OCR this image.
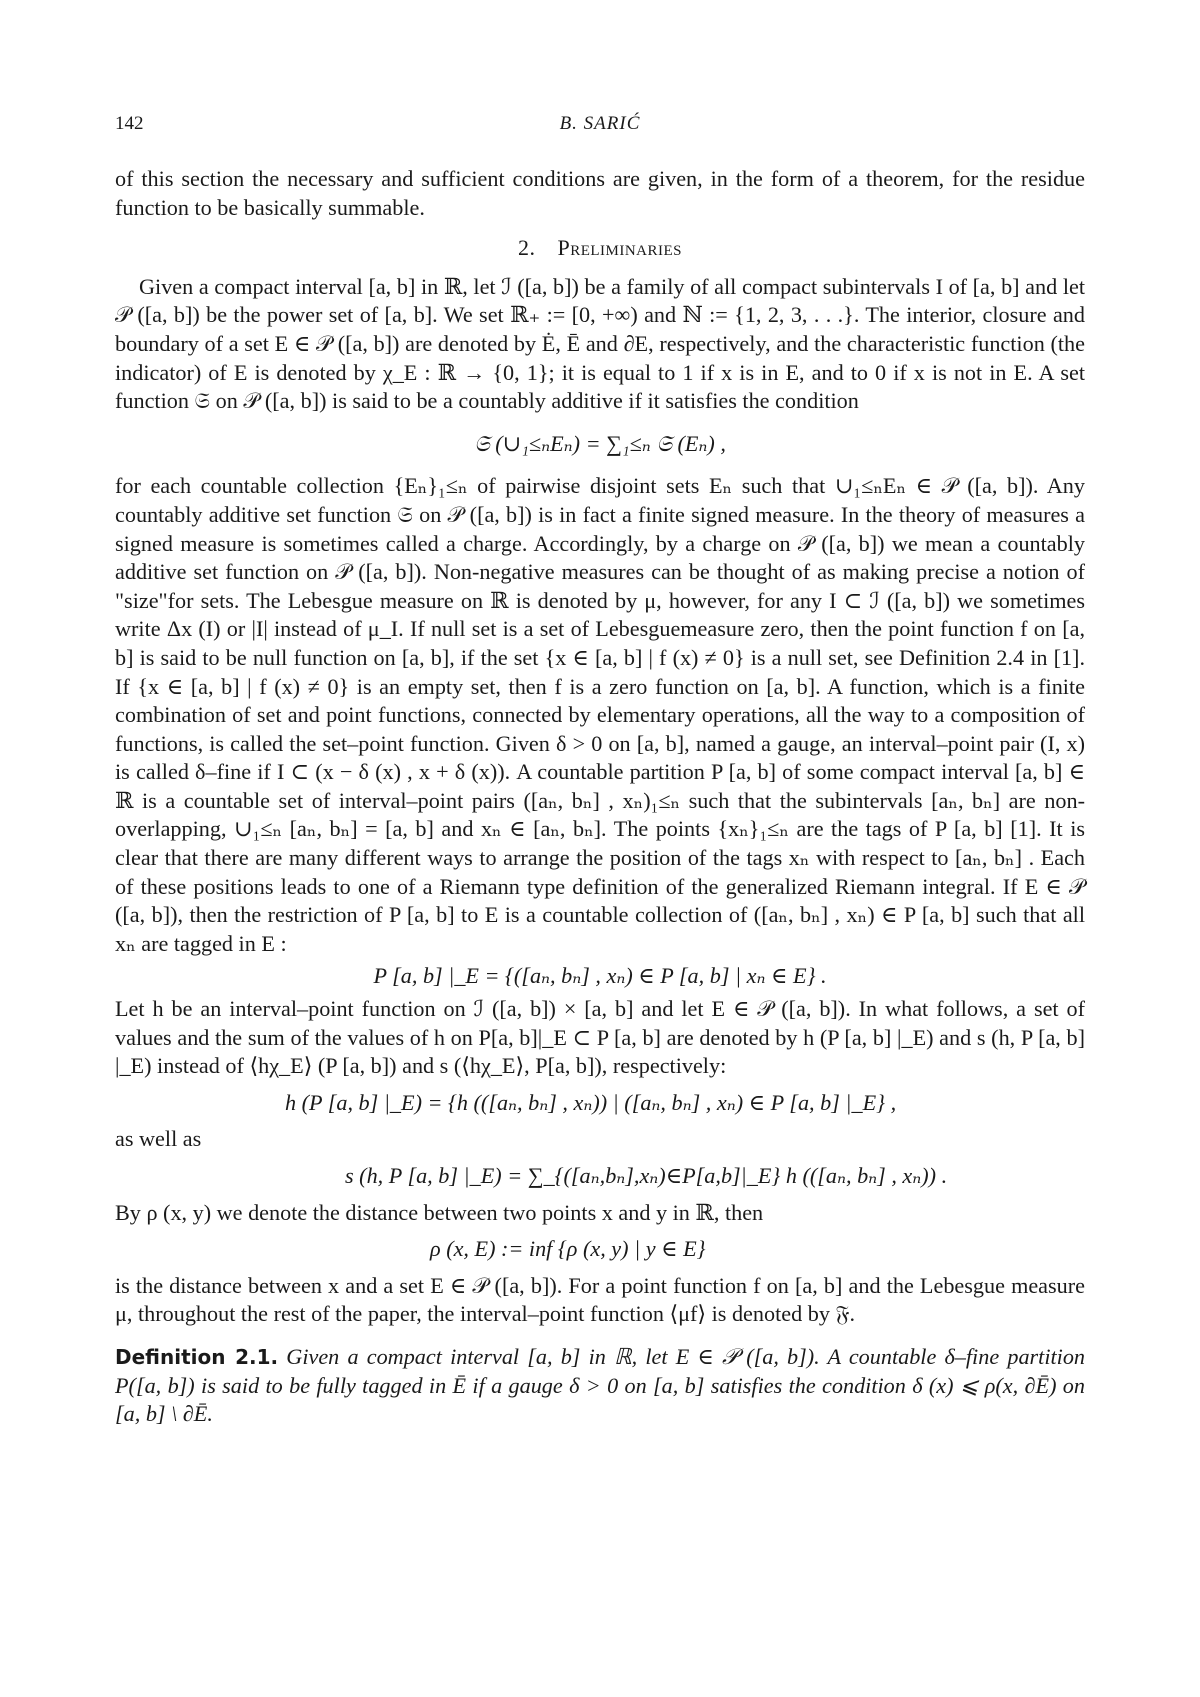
142	B. SARIĆ

of this section the necessary and sufficient conditions are given, in the form of a theorem, for the residue function to be basically summable.

2. Preliminaries

Given a compact interval [a, b] in ℝ, let ℐ ([a, b]) be a family of all compact subintervals I of [a, b] and let 𝒫 ([a, b]) be the power set of [a, b]. We set ℝ₊ := [0, +∞) and ℕ := {1, 2, 3, . . .}. The interior, closure and boundary of a set E ∈ 𝒫 ([a, b]) are denoted by Ė, Ē and ∂E, respectively, and the characteristic function (the indicator) of E is denoted by χ_E : ℝ → {0, 1}; it is equal to 1 if x is in E, and to 0 if x is not in E. A set function 𝔖 on 𝒫 ([a, b]) is said to be a countably additive if it satisfies the condition

𝔖 (∪₁≤ₙEₙ) = ∑₁≤ₙ 𝔖 (Eₙ) ,

for each countable collection {Eₙ}₁≤ₙ of pairwise disjoint sets Eₙ such that ∪₁≤ₙEₙ ∈ 𝒫 ([a, b]). Any countably additive set function 𝔖 on 𝒫 ([a, b]) is in fact a finite signed measure. In the theory of measures a signed measure is sometimes called a charge. Accordingly, by a charge on 𝒫 ([a, b]) we mean a countably additive set function on 𝒫 ([a, b]). Non-negative measures can be thought of as making precise a notion of "size"for sets. The Lebesgue measure on ℝ is denoted by μ, however, for any I ⊂ ℐ ([a, b]) we sometimes write Δx (I) or |I| instead of μ_I. If null set is a set of Lebesguemeasure zero, then the point function f on [a, b] is said to be null function on [a, b], if the set {x ∈ [a, b] | f (x) ≠ 0} is a null set, see Definition 2.4 in [1]. If {x ∈ [a, b] | f (x) ≠ 0} is an empty set, then f is a zero function on [a, b]. A function, which is a finite combination of set and point functions, connected by elementary operations, all the way to a composition of functions, is called the set–point function. Given δ > 0 on [a, b], named a gauge, an interval–point pair (I, x) is called δ–fine if I ⊂ (x − δ (x) , x + δ (x)). A countable partition P [a, b] of some compact interval [a, b] ∈ ℝ is a countable set of interval–point pairs ([aₙ, bₙ] , xₙ)₁≤ₙ such that the subintervals [aₙ, bₙ] are non-overlapping, ∪₁≤ₙ [aₙ, bₙ] = [a, b] and xₙ ∈ [aₙ, bₙ]. The points {xₙ}₁≤ₙ are the tags of P [a, b] [1]. It is clear that there are many different ways to arrange the position of the tags xₙ with respect to [aₙ, bₙ] . Each of these positions leads to one of a Riemann type definition of the generalized Riemann integral. If E ∈ 𝒫 ([a, b]), then the restriction of P [a, b] to E is a countable collection of ([aₙ, bₙ] , xₙ) ∈ P [a, b] such that all xₙ are tagged in E :

P [a, b] |_E = {([aₙ, bₙ] , xₙ) ∈ P [a, b] | xₙ ∈ E} .

Let h be an interval–point function on ℐ ([a, b]) × [a, b] and let E ∈ 𝒫 ([a, b]). In what follows, a set of values and the sum of the values of h on P[a, b]|_E ⊂ P [a, b] are denoted by h (P [a, b] |_E) and s (h, P [a, b] |_E) instead of ⟨hχ_E⟩ (P [a, b]) and s (⟨hχ_E⟩, P[a, b]), respectively:

h (P [a, b] |_E) = {h (([aₙ, bₙ] , xₙ)) | ([aₙ, bₙ] , xₙ) ∈ P [a, b] |_E} ,

as well as

s (h, P [a, b] |_E) = ∑_{([aₙ,bₙ],xₙ)∈P[a,b]|_E} h (([aₙ, bₙ] , xₙ)) .

By ρ (x, y) we denote the distance between two points x and y in ℝ, then

ρ (x, E) := inf {ρ (x, y) | y ∈ E}

is the distance between x and a set E ∈ 𝒫 ([a, b]). For a point function f on [a, b] and the Lebesgue measure μ, throughout the rest of the paper, the interval–point function ⟨μf⟩ is denoted by 𝔉.

Definition 2.1. Given a compact interval [a, b] in ℝ, let E ∈ 𝒫 ([a, b]). A countable δ–fine partition P([a, b]) is said to be fully tagged in Ē if a gauge δ > 0 on [a, b] satisfies the condition δ (x) ⩽ ρ(x, ∂Ē) on [a, b] \ ∂Ē.
